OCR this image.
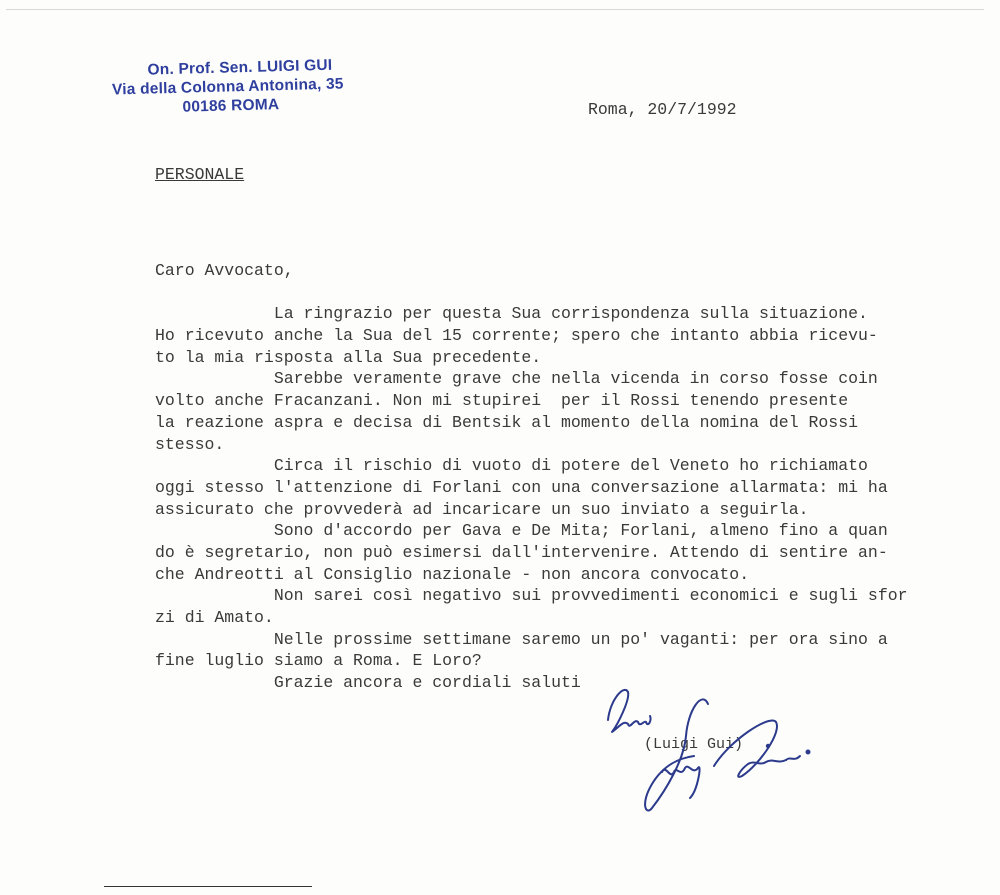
On. Prof. Sen. LUIGI GUI
Via della Colonna Antonina, 35
00186 ROMA	Roma, 20/7/1992
PERSONALE
Caro Avvocato,
La ringrazio per questa Sua corrispondenza sulla situazione.
Ho ricevuto anche la Sua del 15 corrente; spero che intanto abbia ricevu-
to la mia risposta alla Sua precedente.
Sarebbe veramente grave che nella vicenda in corso fosse coin
volto anche Fracanzani. Non mi stupirei  per il Rossi tenendo presente
la reazione aspra e decisa di Bentsik al momento della nomina del Rossi
stesso.
Circa il rischio di vuoto di potere del Veneto ho richiamato
oggi stesso l'attenzione di Forlani con una conversazione allarmata: mi ha
assicurato che provvederà ad incaricare un suo inviato a seguirla.
Sono d'accordo per Gava e De Mita; Forlani, almeno fino a quan
do è segretario, non può esimersi dall'intervenire. Attendo di sentire an-
che Andreotti al Consiglio nazionale - non ancora convocato.
Non sarei così negativo sui provvedimenti economici e sugli sfor
zi di Amato.
Nelle prossime settimane saremo un po' vaganti: per ora sino a
fine luglio siamo a Roma. E Loro?
Grazie ancora e cordiali saluti
(Luigi Gui)
Luigi Gui
